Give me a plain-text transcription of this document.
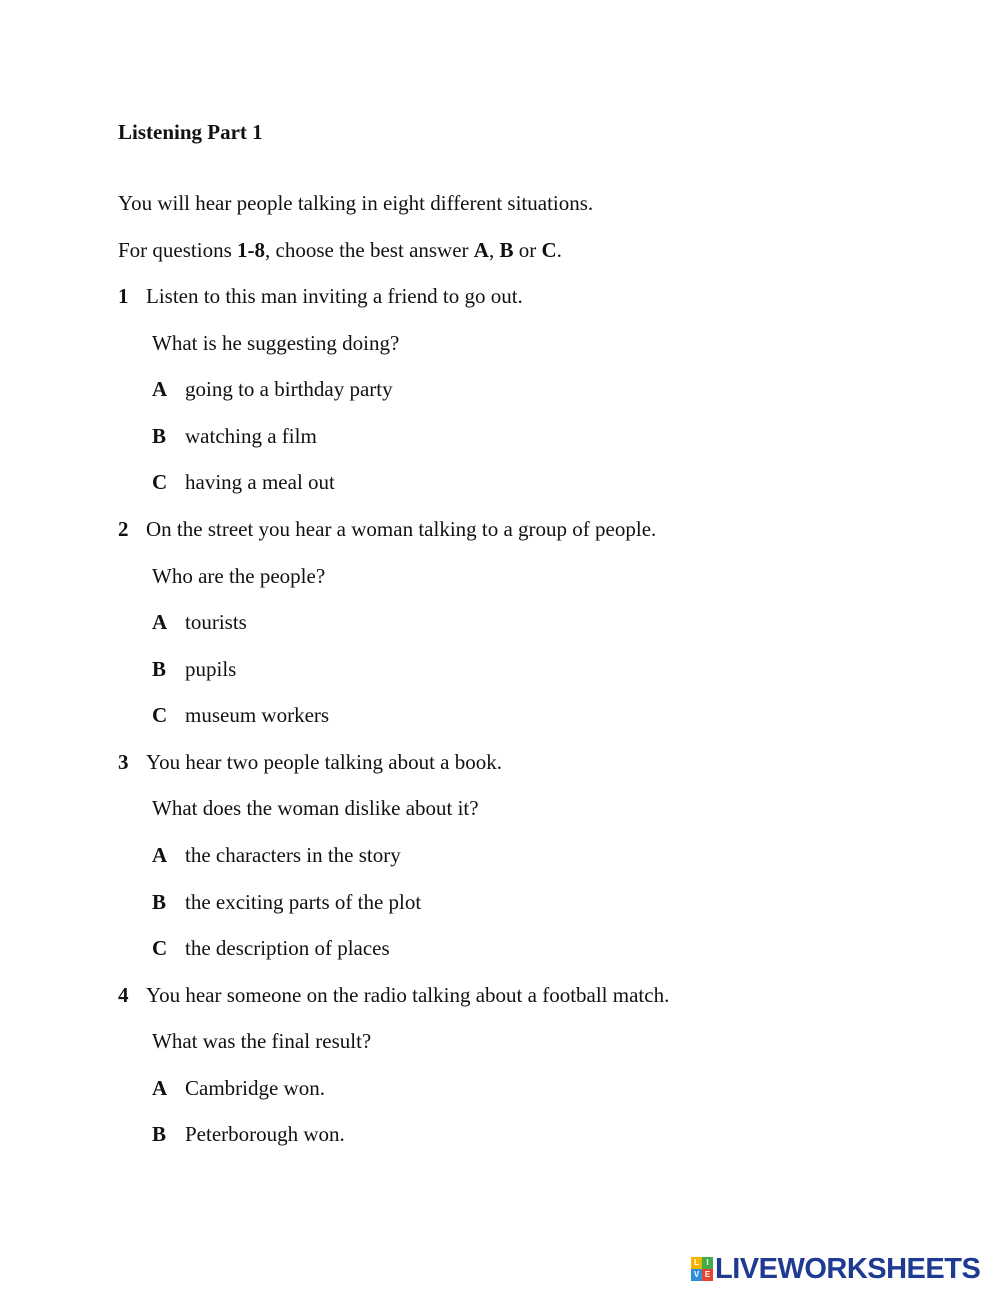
Listening Part 1
You will hear people talking in eight different situations.
For questions 1-8, choose the best answer A, B or C.
1 Listen to this man inviting a friend to go out.
What is he suggesting doing?
A going to a birthday party
B watching a film
C having a meal out
2 On the street you hear a woman talking to a group of people.
Who are the people?
A tourists
B pupils
C museum workers
3 You hear two people talking about a book.
What does the woman dislike about it?
A the characters in the story
B the exciting parts of the plot
C the description of places
4 You hear someone on the radio talking about a football match.
What was the final result?
A Cambridge won.
B Peterborough won.
L I
V E LIVEWORKSHEETS
